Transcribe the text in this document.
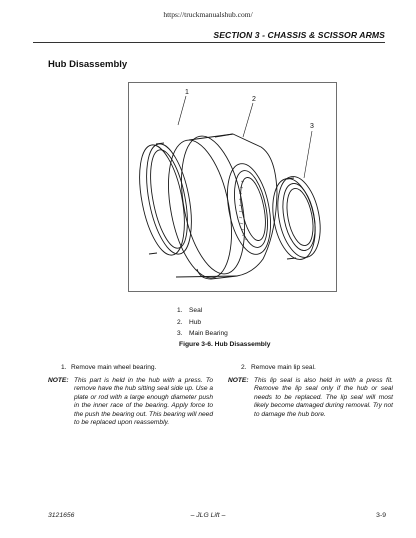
https://truckmanualshub.com/
SECTION 3 - CHASSIS & SCISSOR ARMS
Hub Disassembly
1
2
3
1. Seal
2. Hub
3. Main Bearing
Figure 3-6. Hub Disassembly
1. Remove main wheel bearing.
NOTE: This part is held in the hub with a press. To remove have the hub sitting seal side up. Use a plate or rod with a large enough diameter push in the inner race of the bearing. Apply force to the push the bearing out. This bearing will need to be replaced upon reassembly.
2. Remove main lip seal.
NOTE: This lip seal is also held in with a press fit. Remove the lip seal only if the hub or seal needs to be replaced. The lip seal will most likely become damaged during removal. Try not to damage the hub bore.
3121656	– JLG Lift –	3-9
